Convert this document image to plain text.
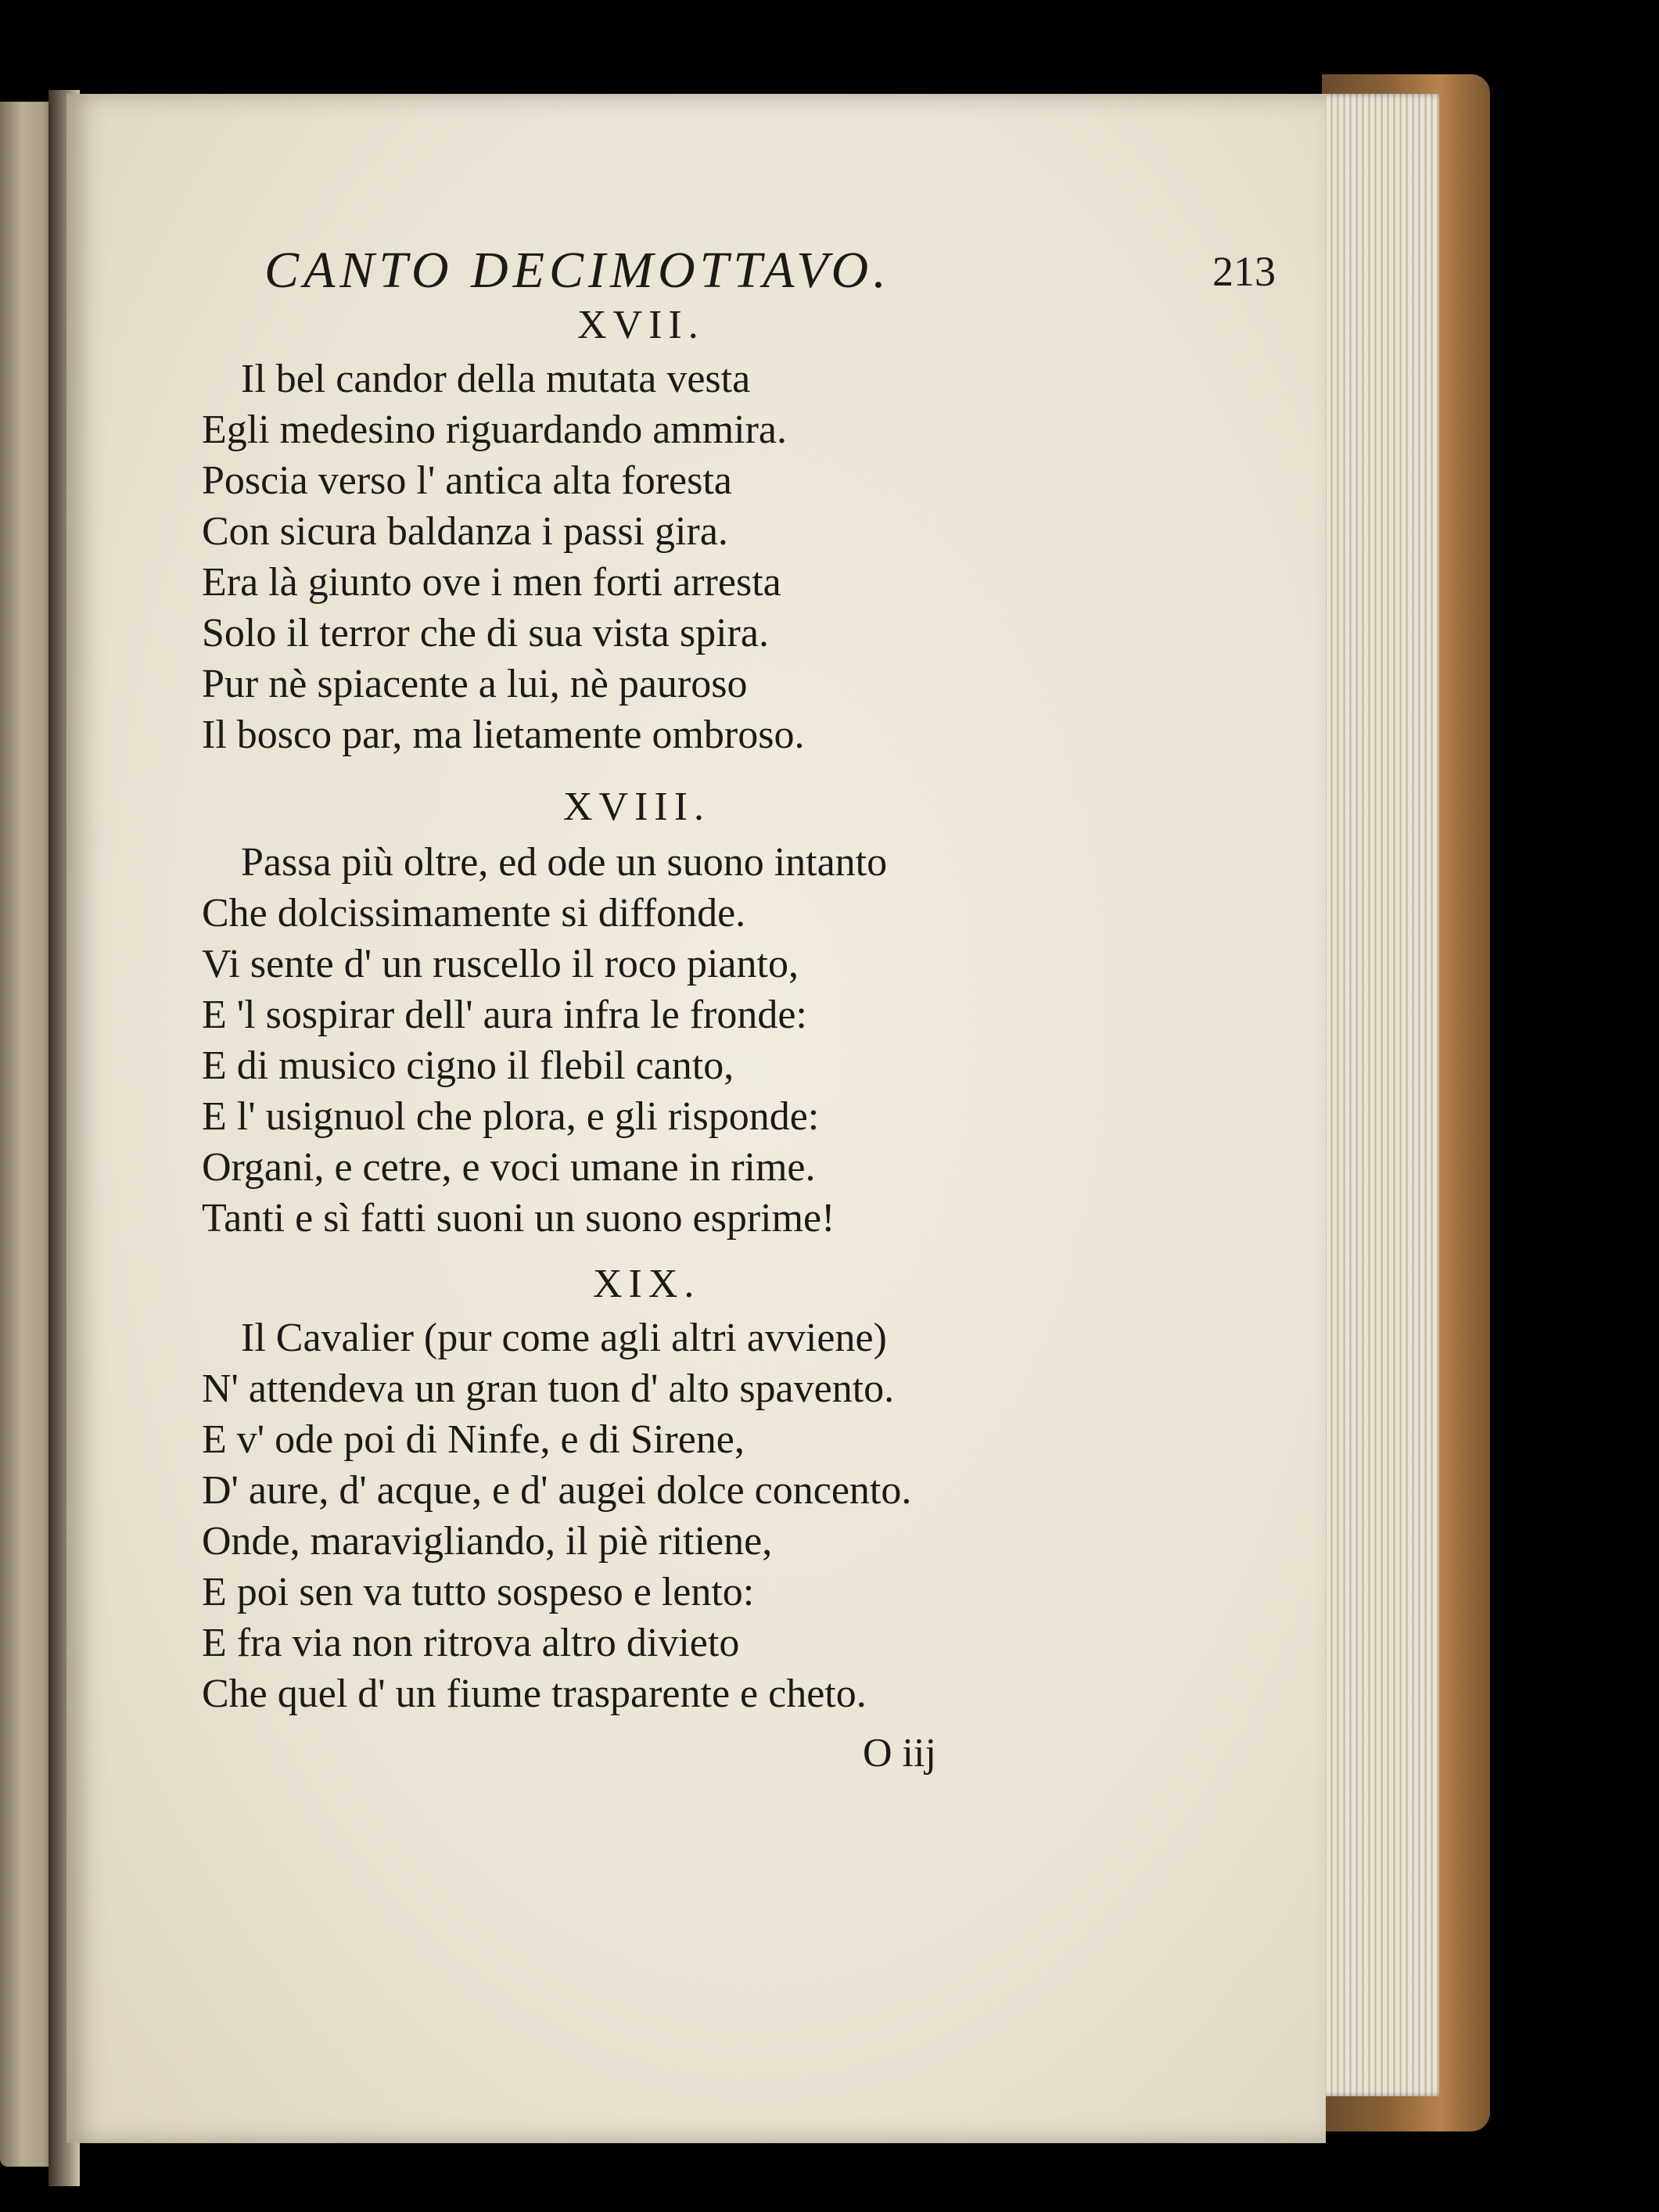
CANTO DECIMOTTAVO.	213
XVII.
Il bel candor della mutata vesta
Egli medesino riguardando ammira.
Poscia verso l' antica alta foresta
Con sicura baldanza i passi gira.
Era là giunto ove i men forti arresta
Solo il terror che di sua vista spira.
Pur nè spiacente a lui, nè pauroso
Il bosco par, ma lietamente ombroso.
XVIII.
Passa più oltre, ed ode un suono intanto
Che dolcissimamente si diffonde.
Vi sente d' un ruscello il roco pianto,
E 'l sospirar dell' aura infra le fronde:
E di musico cigno il flebil canto,
E l' usignuol che plora, e gli risponde:
Organi, e cetre, e voci umane in rime.
Tanti e sì fatti suoni un suono esprime!
XIX.
Il Cavalier (pur come agli altri avviene)
N' attendeva un gran tuon d' alto spavento.
E v' ode poi di Ninfe, e di Sirene,
D' aure, d' acque, e d' augei dolce concento.
Onde, maravigliando, il piè ritiene,
E poi sen va tutto sospeso e lento:
E fra via non ritrova altro divieto
Che quel d' un fiume trasparente e cheto.
O iij
